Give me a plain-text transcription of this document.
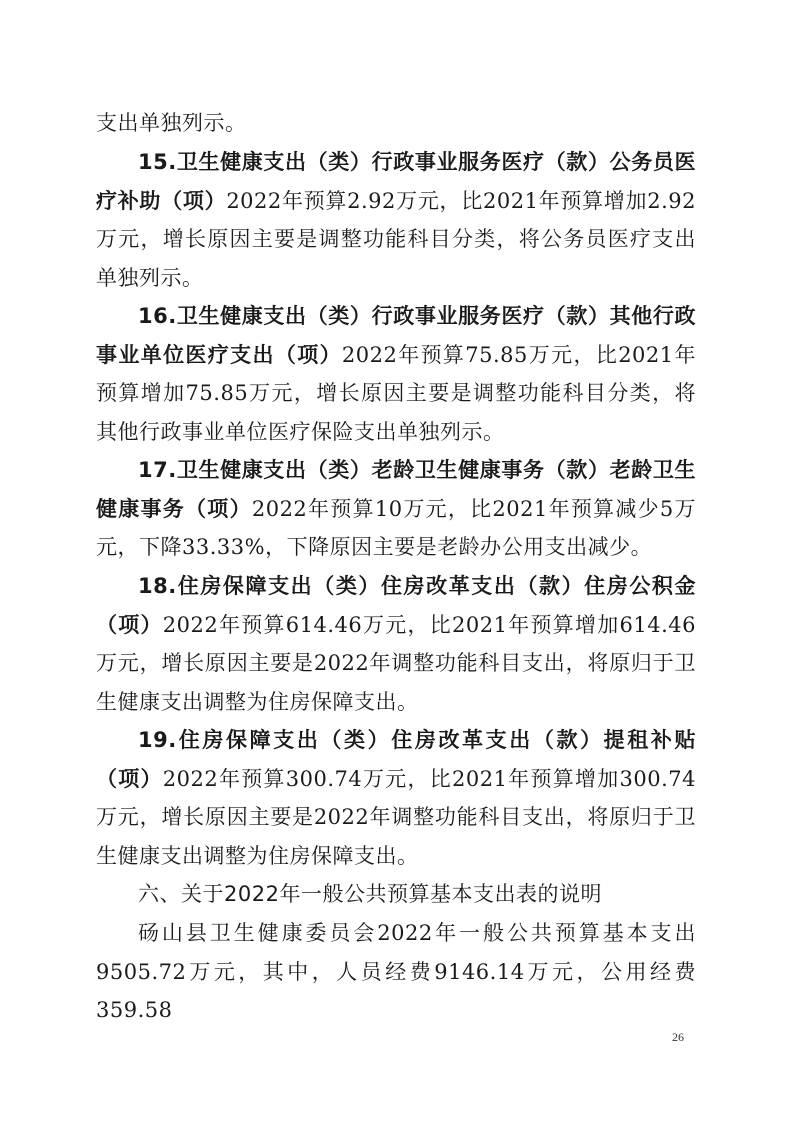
支出单独列示。

15.卫生健康支出（类）行政事业服务医疗（款）公务员医疗补助（项）2022年预算2.92万元，比2021年预算增加2.92万元，增长原因主要是调整功能科目分类，将公务员医疗支出单独列示。

16.卫生健康支出（类）行政事业服务医疗（款）其他行政事业单位医疗支出（项）2022年预算75.85万元，比2021年预算增加75.85万元，增长原因主要是调整功能科目分类，将其他行政事业单位医疗保险支出单独列示。

17.卫生健康支出（类）老龄卫生健康事务（款）老龄卫生健康事务（项）2022年预算10万元，比2021年预算减少5万元，下降33.33%，下降原因主要是老龄办公用支出减少。

18.住房保障支出（类）住房改革支出（款）住房公积金（项）2022年预算614.46万元，比2021年预算增加614.46万元，增长原因主要是2022年调整功能科目支出，将原归于卫生健康支出调整为住房保障支出。

19.住房保障支出（类）住房改革支出（款）提租补贴（项）2022年预算300.74万元，比2021年预算增加300.74万元，增长原因主要是2022年调整功能科目支出，将原归于卫生健康支出调整为住房保障支出。

六、关于2022年一般公共预算基本支出表的说明

砀山县卫生健康委员会2022年一般公共预算基本支出9505.72万元，其中，人员经费9146.14万元，公用经费359.58

26
